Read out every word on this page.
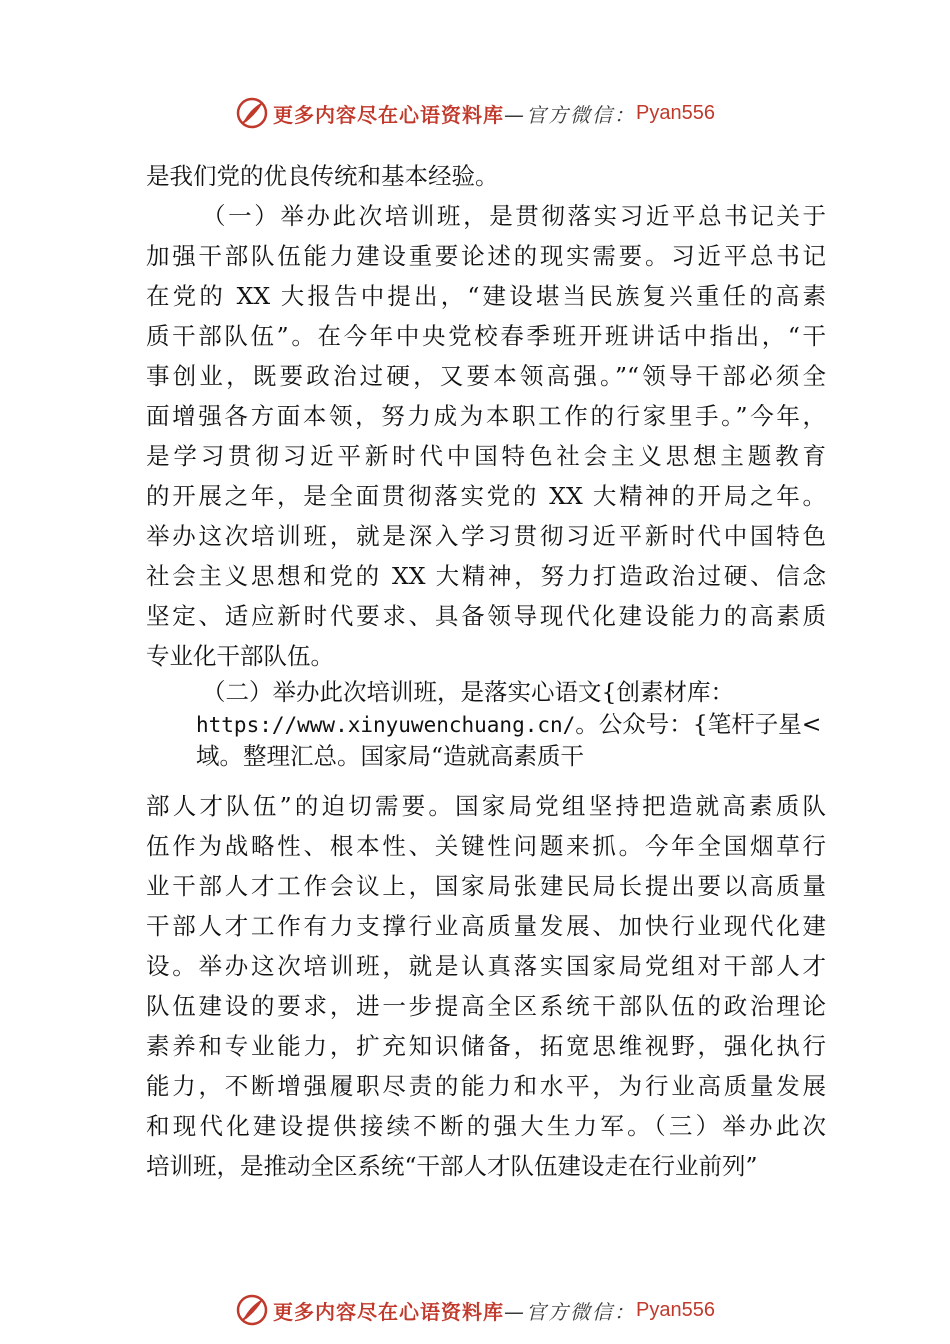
更多内容尽在心语资料库 —官方微信： Pyan556
是我们党的优良传统和基本经验。
（一）举办此次培训班，是贯彻落实习近平总书记关于
加强干部队伍能力建设重要论述的现实需要。习近平总书记
在党的 XX 大报告中提出，“建设堪当民族复兴重任的高素
质干部队伍”。在今年中央党校春季班开班讲话中指出，“干
事创业，既要政治过硬，又要本领高强。”“领导干部必须全
面增强各方面本领，努力成为本职工作的行家里手。”今年，
是学习贯彻习近平新时代中国特色社会主义思想主题教育
的开展之年，是全面贯彻落实党的 XX 大精神的开局之年。
举办这次培训班，就是深入学习贯彻习近平新时代中国特色
社会主义思想和党的 XX 大精神，努力打造政治过硬、信念
坚定、适应新时代要求、具备领导现代化建设能力的高素质
专业化干部队伍。
（二）举办此次培训班，是落实心语文{创素材库：
https://www.xinyuwenchuang.cn/。公众号：{笔杆子星<
域。整理汇总。国家局“造就高素质干
部人才队伍”的迫切需要。国家局党组坚持把造就高素质队
伍作为战略性、根本性、关键性问题来抓。今年全国烟草行
业干部人才工作会议上，国家局张建民局长提出要以高质量
干部人才工作有力支撑行业高质量发展、加快行业现代化建
设。举办这次培训班，就是认真落实国家局党组对干部人才
队伍建设的要求，进一步提高全区系统干部队伍的政治理论
素养和专业能力，扩充知识储备，拓宽思维视野，强化执行
能力，不断增强履职尽责的能力和水平，为行业高质量发展
和现代化建设提供接续不断的强大生力军。（三）举办此次
培训班，是推动全区系统“干部人才队伍建设走在行业前列”
更多内容尽在心语资料库 —官方微信： Pyan556
